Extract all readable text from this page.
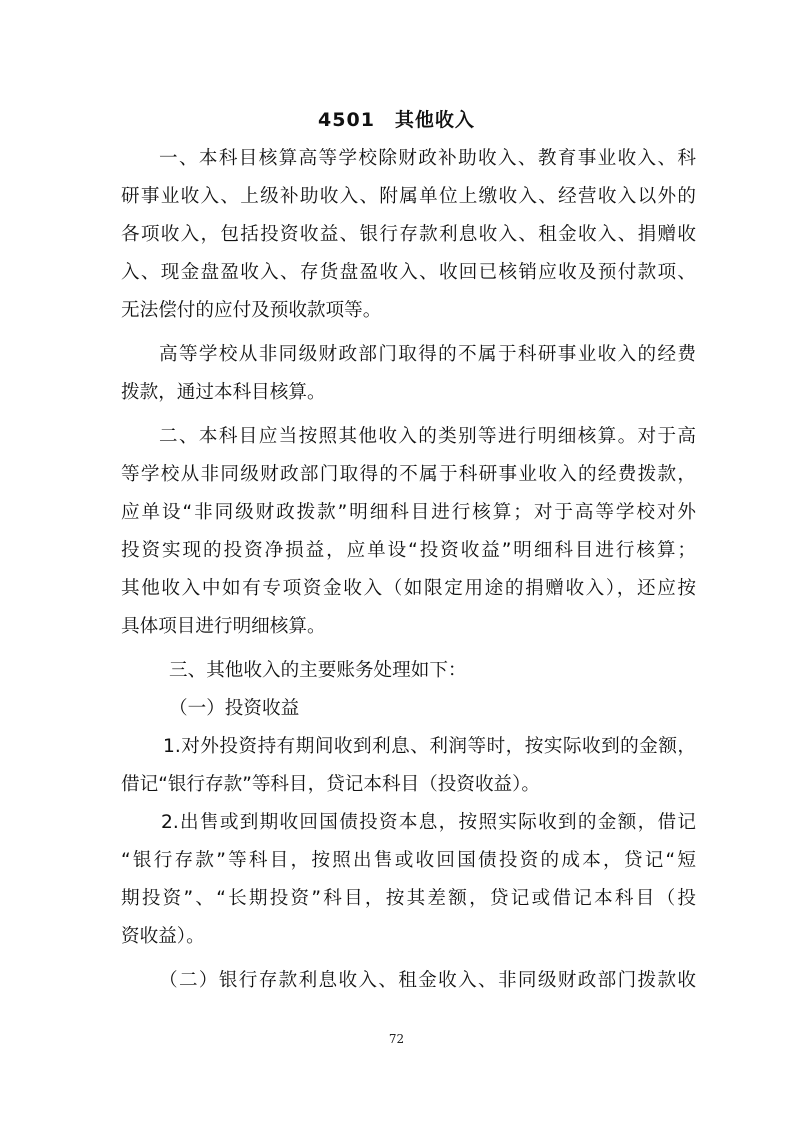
4501　其他收入
一、本科目核算高等学校除财政补助收入、教育事业收入、科
研事业收入、上级补助收入、附属单位上缴收入、经营收入以外的
各项收入，包括投资收益、银行存款利息收入、租金收入、捐赠收
入、现金盘盈收入、存货盘盈收入、收回已核销应收及预付款项、
无法偿付的应付及预收款项等。
高等学校从非同级财政部门取得的不属于科研事业收入的经费
拨款，通过本科目核算。
二、本科目应当按照其他收入的类别等进行明细核算。对于高
等学校从非同级财政部门取得的不属于科研事业收入的经费拨款，
应单设“非同级财政拨款”明细科目进行核算；对于高等学校对外
投资实现的投资净损益，应单设“投资收益”明细科目进行核算；
其他收入中如有专项资金收入（如限定用途的捐赠收入），还应按
具体项目进行明细核算。
三、其他收入的主要账务处理如下：
（一）投资收益
1.对外投资持有期间收到利息、利润等时，按实际收到的金额，
借记“银行存款”等科目，贷记本科目（投资收益）。
2.出售或到期收回国债投资本息，按照实际收到的金额，借记
“银行存款”等科目，按照出售或收回国债投资的成本，贷记“短
期投资”、“长期投资”科目，按其差额，贷记或借记本科目（投
资收益）。
（二）银行存款利息收入、租金收入、非同级财政部门拨款收
72
